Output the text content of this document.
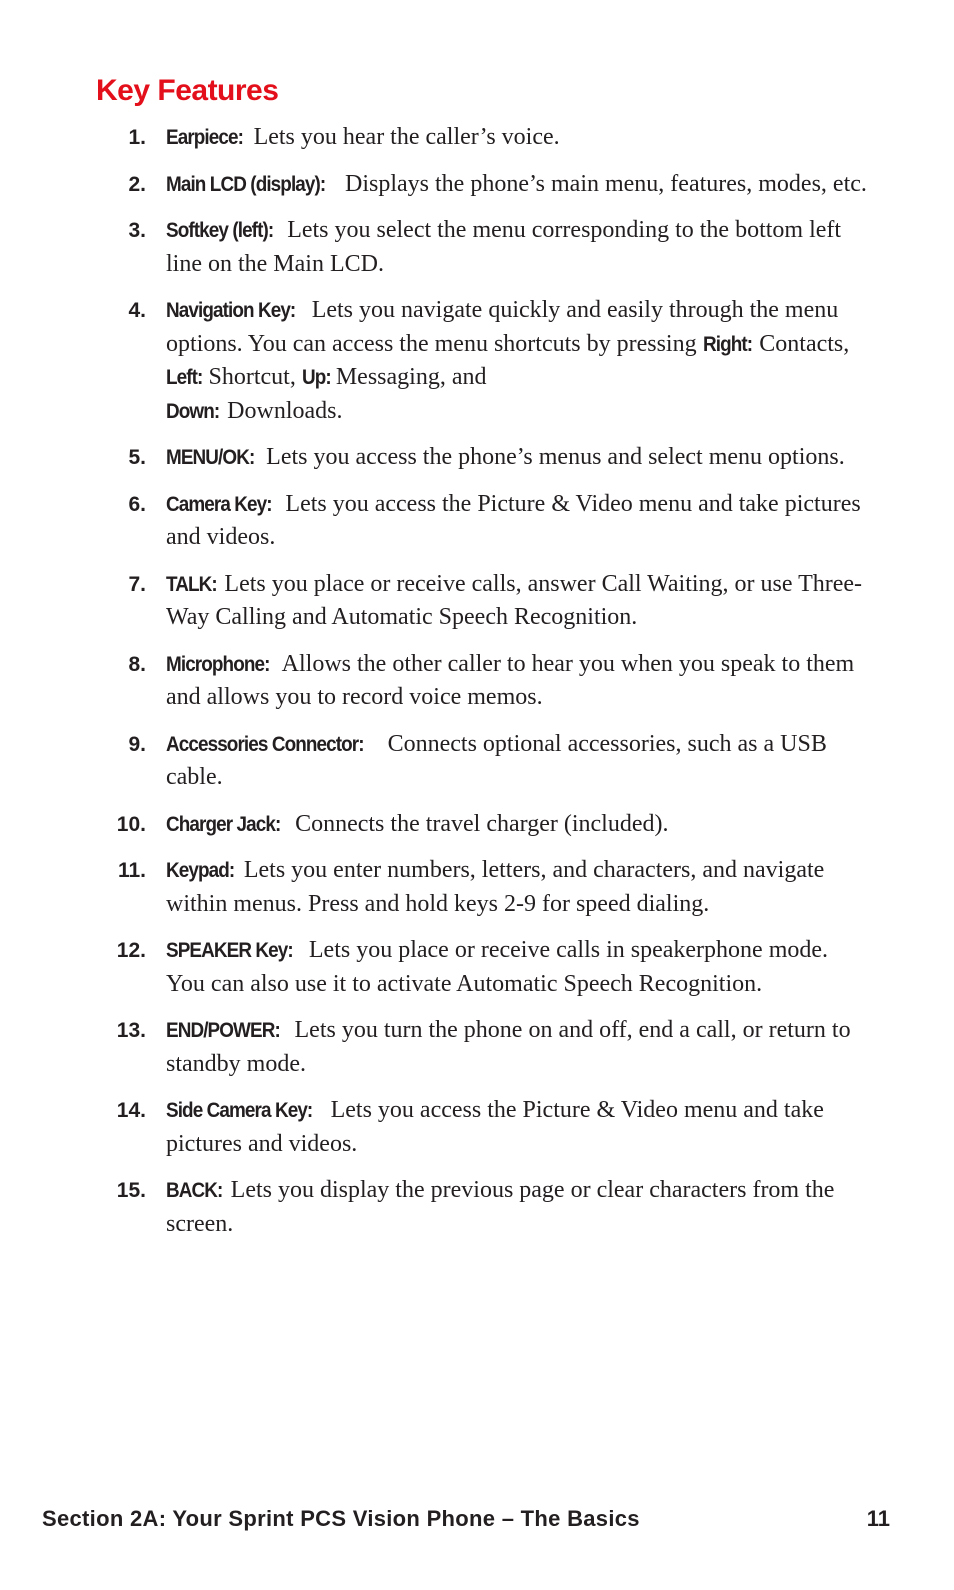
Key Features
1. Earpiece: Lets you hear the caller’s voice.
2. Main LCD (display): Displays the phone’s main menu, features, modes, etc.
3. Softkey (left): Lets you select the menu corresponding to the bottom left line on the Main LCD.
4. Navigation Key: Lets you navigate quickly and easily through the menu options. You can access the menu shortcuts by pressing Right: Contacts, Left: Shortcut, Up: Messaging, and
Down: Downloads.
5. MENU/OK: Lets you access the phone’s menus and select menu options.
6. Camera Key: Lets you access the Picture & Video menu and take pictures and videos.
7. TALK: Lets you place or receive calls, answer Call Waiting, or use Three-Way Calling and Automatic Speech Recognition.
8. Microphone: Allows the other caller to hear you when you speak to them and allows you to record voice memos.
9. Accessories Connector: Connects optional accessories, such as a USB cable.
10. Charger Jack: Connects the travel charger (included).
11. Keypad: Lets you enter numbers, letters, and characters, and navigate within menus. Press and hold keys 2-9 for speed dialing.
12. SPEAKER Key: Lets you place or receive calls in speakerphone mode. You can also use it to activate Automatic Speech Recognition.
13. END/POWER: Lets you turn the phone on and off, end a call, or return to standby mode.
14. Side Camera Key: Lets you access the Picture & Video menu and take pictures and videos.
15. BACK: Lets you display the previous page or clear characters from the screen.
Section 2A: Your Sprint PCS Vision Phone – The Basics	11
